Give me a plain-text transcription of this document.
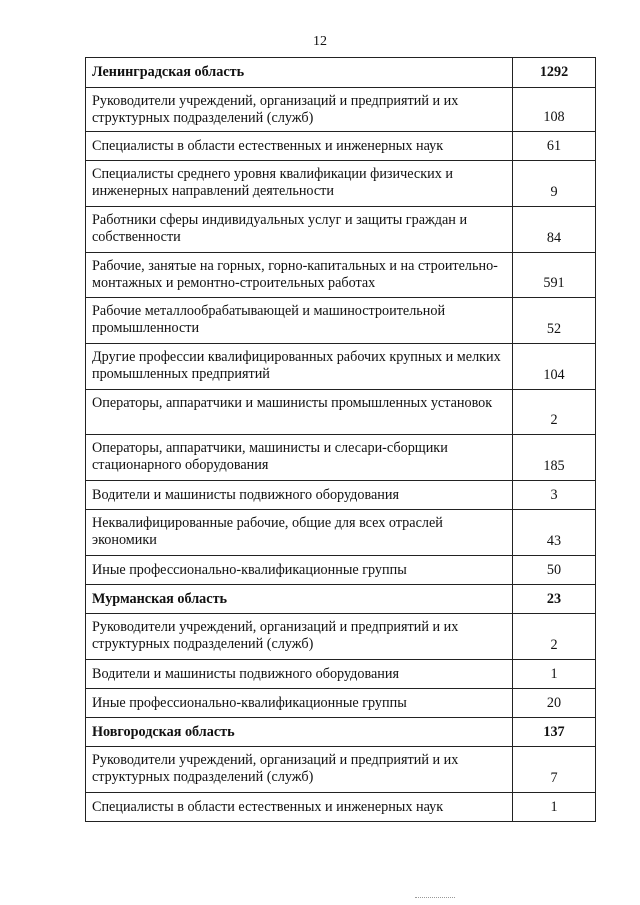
12
Ленинградская область	1292
Руководители учреждений, организаций и предприятий и их структурных подразделений (служб)	108
Специалисты в области естественных и инженерных наук	61
Специалисты среднего уровня квалификации физических и инженерных направлений деятельности	9
Работники сферы индивидуальных услуг и защиты граждан и собственности	84
Рабочие, занятые на горных, горно-капитальных и на строительно-монтажных и ремонтно-строительных работах	591
Рабочие металлообрабатывающей и машиностроительной промышленности	52
Другие профессии квалифицированных рабочих крупных и мелких промышленных предприятий	104
Операторы, аппаратчики и машинисты промышленных установок	2
Операторы, аппаратчики, машинисты и слесари-сборщики стационарного оборудования	185
Водители и машинисты подвижного оборудования	3
Неквалифицированные рабочие, общие для всех отраслей экономики	43
Иные профессионально-квалификационные группы	50
Мурманская область	23
Руководители учреждений, организаций и предприятий и их структурных подразделений (служб)	2
Водители и машинисты подвижного оборудования	1
Иные профессионально-квалификационные группы	20
Новгородская область	137
Руководители учреждений, организаций и предприятий и их структурных подразделений (служб)	7
Специалисты в области естественных и инженерных наук	1
